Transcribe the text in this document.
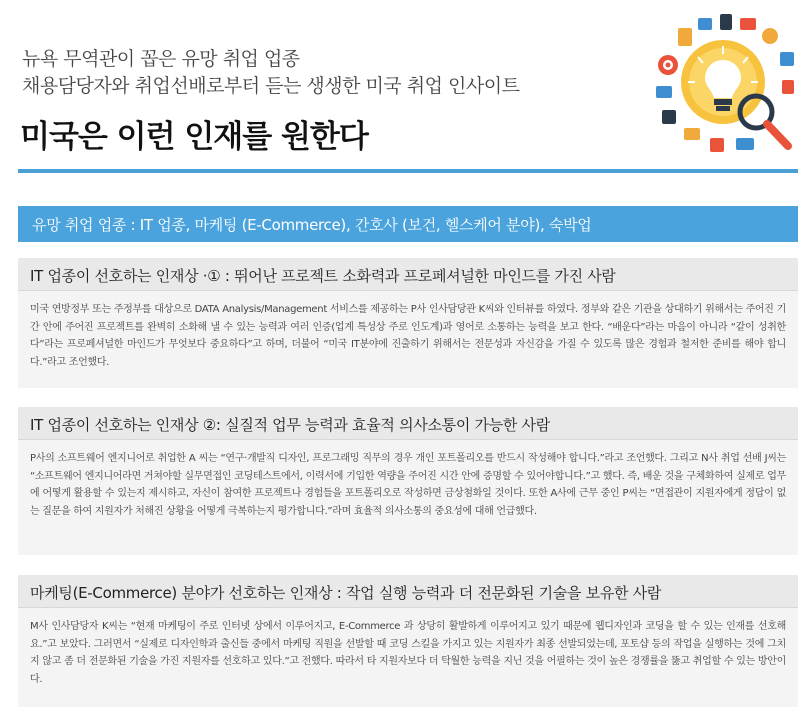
뉴욕 무역관이 꼽은 유망 취업 업종
채용담당자와 취업선배로부터 듣는 생생한 미국 취업 인사이트
미국은 이런 인재를 원한다
유망 취업 업종 : IT 업종, 마케팅 (E-Commerce), 간호사 (보건, 헬스케어 분야), 숙박업
IT 업종이 선호하는 인재상 ·① : 뛰어난 프로젝트 소화력과 프로페셔널한 마인드를 가진 사람
미국 연방정부 또는 주정부를 대상으로 DATA Analysis/Management 서비스를 제공하는 P사 인사담당관 K씨와 인터뷰를 하였다. 정부와 같은 기관을 상대하기 위해서는 주어진 기간 안에 주어진 프로젝트를 완벽히 소화해 낼 수 있는 능력과 여러 인증(업계 특성상 주로 인도계)과 영어로 소통하는 능력을 보고 한다. “배운다”라는 마음이 아니라 “같이 성취한다”라는 프로페셔널한 마인드가 무엇보다 중요하다”고 하며, 더불어 “미국 IT분야에 진출하기 위해서는 전문성과 자신감을 가질 수 있도록 많은 경험과 철저한 준비를 해야 합니다.”라고 조언했다.
IT 업종이 선호하는 인재상 ②: 실질적 업무 능력과 효율적 의사소통이 가능한 사람
P사의 소프트웨어 엔지니어로 취업한 A 씨는 “연구·개발직 디자인, 프로그래밍 직무의 경우 개인 포트폴리오를 반드시 작성해야 합니다.”라고 조언했다. 그리고 N사 취업 선배 J씨는 “소프트웨어 엔지니어라면 거쳐야할 실무면접인 코딩테스트에서, 이력서에 기입한 역량을 주어진 시간 안에 증명할 수 있어야합니다.”고 했다. 즉, 배운 것을 구체화하여 실제로 업무에 어떻게 활용할 수 있는지 제시하고, 자신이 참여한 프로젝트나 경험들을 포트폴리오로 작성하면 금상첨화일 것이다. 또한 A사에 근무 중인 P씨는 “면접관이 지원자에게 정답이 없는 질문을 하여 지원자가 처해진 상황을 어떻게 극복하는지 평가합니다.”라며 효율적 의사소통의 중요성에 대해 언급했다.
마케팅(E-Commerce) 분야가 선호하는 인재상 : 작업 실행 능력과 더 전문화된 기술을 보유한 사람
M사 인사담당자 K씨는 “현재 마케팅이 주로 인터넷 상에서 이루어지고, E-Commerce 과 상당히 활발하게 이루어지고 있기 때문에 웹디자인과 코딩을 할 수 있는 인재를 선호해요.”고 보았다. 그러면서 “실제로 디자인학과 출신들 중에서 마케팅 직원을 선발할 때 코딩 스킬을 가지고 있는 지원자가 최종 선발되었는데, 포토샵 등의 작업을 실행하는 것에 그치지 않고 좀 더 전문화된 기술을 가진 지원자를 선호하고 있다.”고 전했다. 따라서 타 지원자보다 더 탁월한 능력을 지닌 것을 어필하는 것이 높은 경쟁률을 뚫고 취업할 수 있는 방안이다.
